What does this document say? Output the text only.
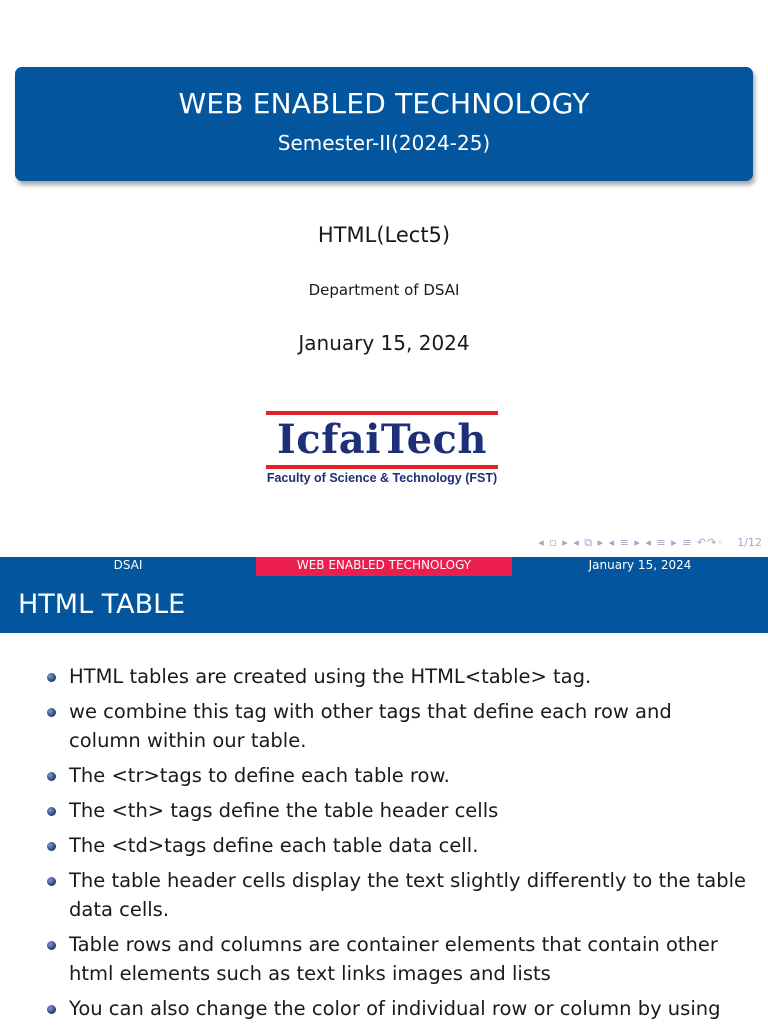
WEB ENABLED TECHNOLOGY
Semester-II(2024-25)
HTML(Lect5)
Department of DSAI
January 15, 2024
IcfaiTech
Faculty of Science & Technology (FST)
◂ ▫ ▸ ◂ ⧉ ▸ ◂ ≡ ▸ ◂ ≡ ▸ ≡ ↶↷◦ 1/12
DSAI	WEB ENABLED TECHNOLOGY	January 15, 2024
HTML TABLE
HTML tables are created using the HTML<table> tag.
we combine this tag with other tags that define each row and column within our table.
The <tr>tags to define each table row.
The <th> tags define the table header cells
The <td>tags define each table data cell.
The table header cells display the text slightly differently to the table data cells.
Table rows and columns are container elements that contain other html elements such as text links images and lists
You can also change the color of individual row or column by using
